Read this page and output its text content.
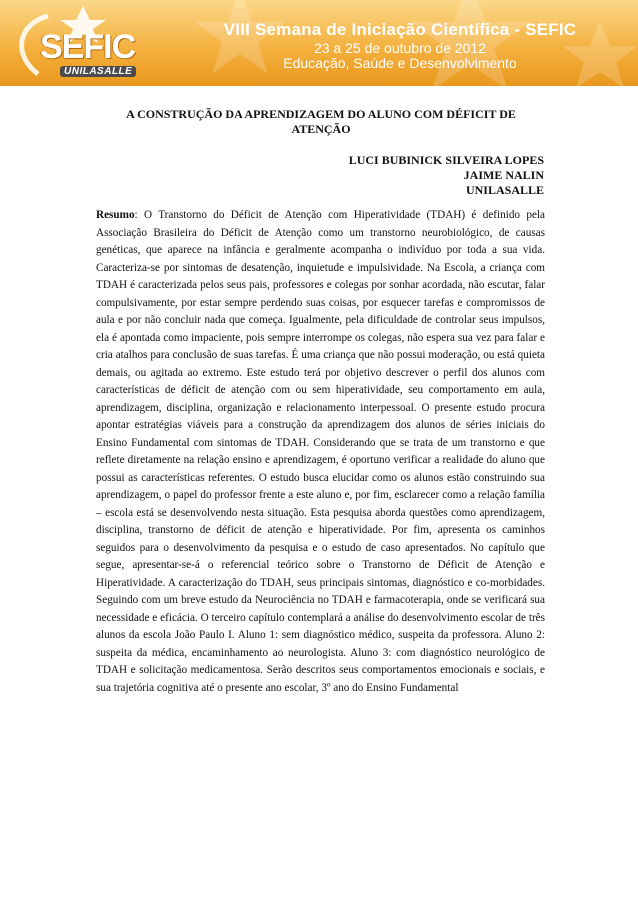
SEFIC
UNILASALLE
VIII Semana de Iniciação Científica - SEFIC
23 a 25 de outubro de 2012
Educação, Saúde e Desenvolvimento
A CONSTRUÇÃO DA APRENDIZAGEM DO ALUNO COM DÉFICIT DE ATENÇÃO
LUCI BUBINICK SILVEIRA LOPES
JAIME NALIN
UNILASALLE
Resumo: O Transtorno do Déficit de Atenção com Hiperatividade (TDAH) é definido pela Associação Brasileira do Déficit de Atenção como um transtorno neurobiológico, de causas genéticas, que aparece na infância e geralmente acompanha o indivíduo por toda a sua vida. Caracteriza-se por sintomas de desatenção, inquietude e impulsividade. Na Escola, a criança com TDAH é caracterizada pelos seus pais, professores e colegas por sonhar acordada, não escutar, falar compulsivamente, por estar sempre perdendo suas coisas, por esquecer tarefas e compromissos de aula e por não concluir nada que começa. Igualmente, pela dificuldade de controlar seus impulsos, ela é apontada como impaciente, pois sempre interrompe os colegas, não espera sua vez para falar e cria atalhos para conclusão de suas tarefas. É uma criança que não possui moderação, ou está quieta demais, ou agitada ao extremo. Este estudo terá por objetivo descrever o perfil dos alunos com características de déficit de atenção com ou sem hiperatividade, seu comportamento em aula, aprendizagem, disciplina, organização e relacionamento interpessoal. O presente estudo procura apontar estratégias viáveis para a construção da aprendizagem dos alunos de séries iniciais do Ensino Fundamental com sintomas de TDAH. Considerando que se trata de um transtorno e que reflete diretamente na relação ensino e aprendizagem, é oportuno verificar a realidade do aluno que possui as características referentes. O estudo busca elucidar como os alunos estão construindo sua aprendizagem, o papel do professor frente a este aluno e, por fim, esclarecer como a relação família – escola está se desenvolvendo nesta situação. Esta pesquisa aborda questões como aprendizagem, disciplina, transtorno de déficit de atenção e hiperatividade. Por fim, apresenta os caminhos seguidos para o desenvolvimento da pesquisa e o estudo de caso apresentados. No capítulo que segue, apresentar-se-á o referencial teórico sobre o Transtorno de Déficit de Atenção e Hiperatividade. A caracterização do TDAH, seus principais sintomas, diagnóstico e co-morbidades. Seguindo com um breve estudo da Neurociência no TDAH e farmacoterapia, onde se verificará sua necessidade e eficácia. O terceiro capítulo contemplará a análise do desenvolvimento escolar de três alunos da escola João Paulo I. Aluno 1: sem diagnóstico médico, suspeita da professora. Aluno 2: suspeita da médica, encaminhamento ao neurologista. Aluno 3: com diagnóstico neurológico de TDAH e solicitação medicamentosa. Serão descritos seus comportamentos emocionais e sociais, e sua trajetória cognitiva até o presente ano escolar, 3º ano do Ensino Fundamental
